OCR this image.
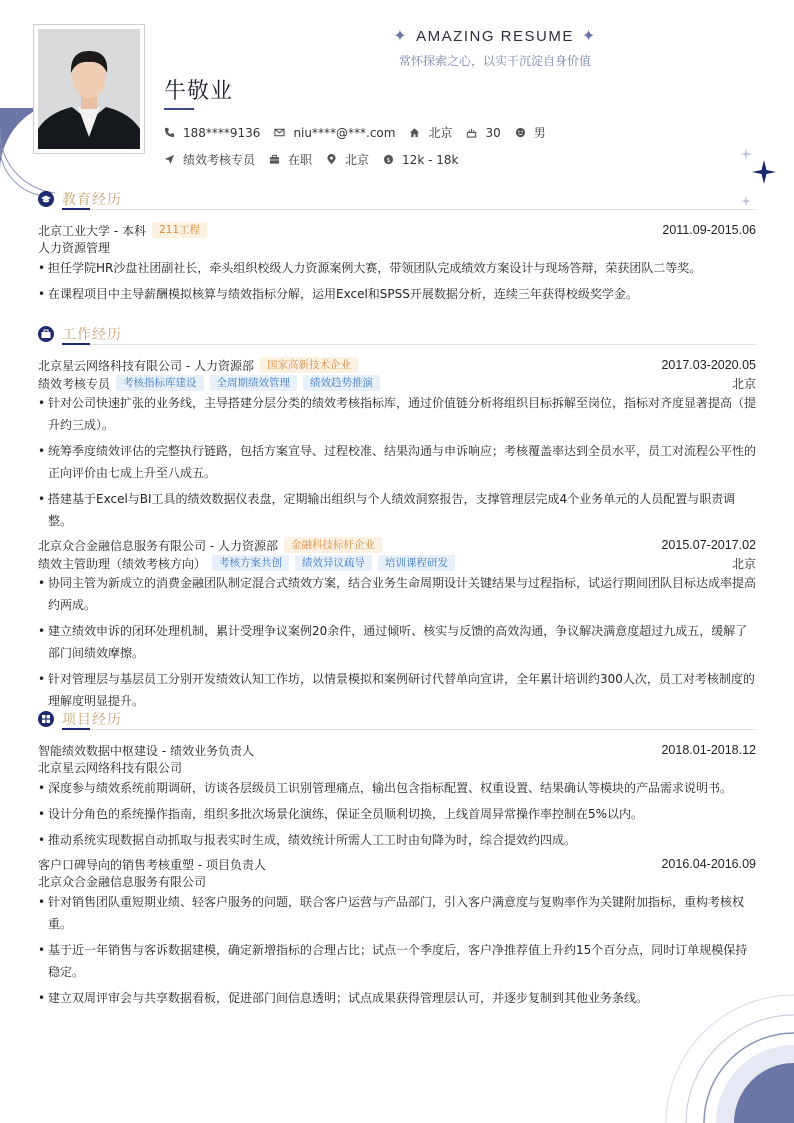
✦ AMAZING RESUME ✦
常怀探索之心，以实干沉淀自身价值
牛敬业
188****9136	niu****@***.com	北京	30	男
绩效考核专员	在职	北京 $ 12k - 18k
教育经历
北京工业大学 - 本科	211工程	2011.09-2015.06
人力资源管理
• 担任学院HR沙盘社团副社长，牵头组织校级人力资源案例大赛，带领团队完成绩效方案设计与现场答辩，荣获团队二等奖。
• 在课程项目中主导薪酬模拟核算与绩效指标分解，运用Excel和SPSS开展数据分析，连续三年获得校级奖学金。
工作经历
北京星云网络科技有限公司 - 人力资源部	国家高新技术企业	2017.03-2020.05
绩效考核专员	考核指标库建设	全周期绩效管理	绩效趋势推演	北京
• 针对公司快速扩张的业务线，主导搭建分层分类的绩效考核指标库，通过价值链分析将组织目标拆解至岗位，指标对齐度显著提高（提升约三成）。
• 统筹季度绩效评估的完整执行链路，包括方案宣导、过程校准、结果沟通与申诉响应；考核覆盖率达到全员水平，员工对流程公平性的正向评价由七成上升至八成五。
• 搭建基于Excel与BI工具的绩效数据仪表盘，定期输出组织与个人绩效洞察报告，支撑管理层完成4个业务单元的人员配置与职责调整。
北京众合金融信息服务有限公司 - 人力资源部	金融科技标杆企业	2015.07-2017.02
绩效主管助理（绩效考核方向）	考核方案共创	绩效异议疏导	培训课程研发	北京
• 协同主管为新成立的消费金融团队制定混合式绩效方案，结合业务生命周期设计关键结果与过程指标，试运行期间团队目标达成率提高约两成。
• 建立绩效申诉的闭环处理机制，累计受理争议案例20余件，通过倾听、核实与反馈的高效沟通，争议解决满意度超过九成五，缓解了部门间绩效摩擦。
• 针对管理层与基层员工分别开发绩效认知工作坊，以情景模拟和案例研讨代替单向宣讲，全年累计培训约300人次，员工对考核制度的理解度明显提升。
项目经历
智能绩效数据中枢建设 - 绩效业务负责人	2018.01-2018.12
北京星云网络科技有限公司
• 深度参与绩效系统前期调研，访谈各层级员工识别管理痛点，输出包含指标配置、权重设置、结果确认等模块的产品需求说明书。
• 设计分角色的系统操作指南，组织多批次场景化演练，保证全员顺利切换，上线首周异常操作率控制在5%以内。
• 推动系统实现数据自动抓取与报表实时生成，绩效统计所需人工工时由旬降为时，综合提效约四成。
客户口碑导向的销售考核重塑 - 项目负责人	2016.04-2016.09
北京众合金融信息服务有限公司
• 针对销售团队重短期业绩、轻客户服务的问题，联合客户运营与产品部门，引入客户满意度与复购率作为关键附加指标，重构考核权重。
• 基于近一年销售与客诉数据建模，确定新增指标的合理占比；试点一个季度后，客户净推荐值上升约15个百分点，同时订单规模保持稳定。
• 建立双周评审会与共享数据看板，促进部门间信息透明；试点成果获得管理层认可，并逐步复制到其他业务条线。
